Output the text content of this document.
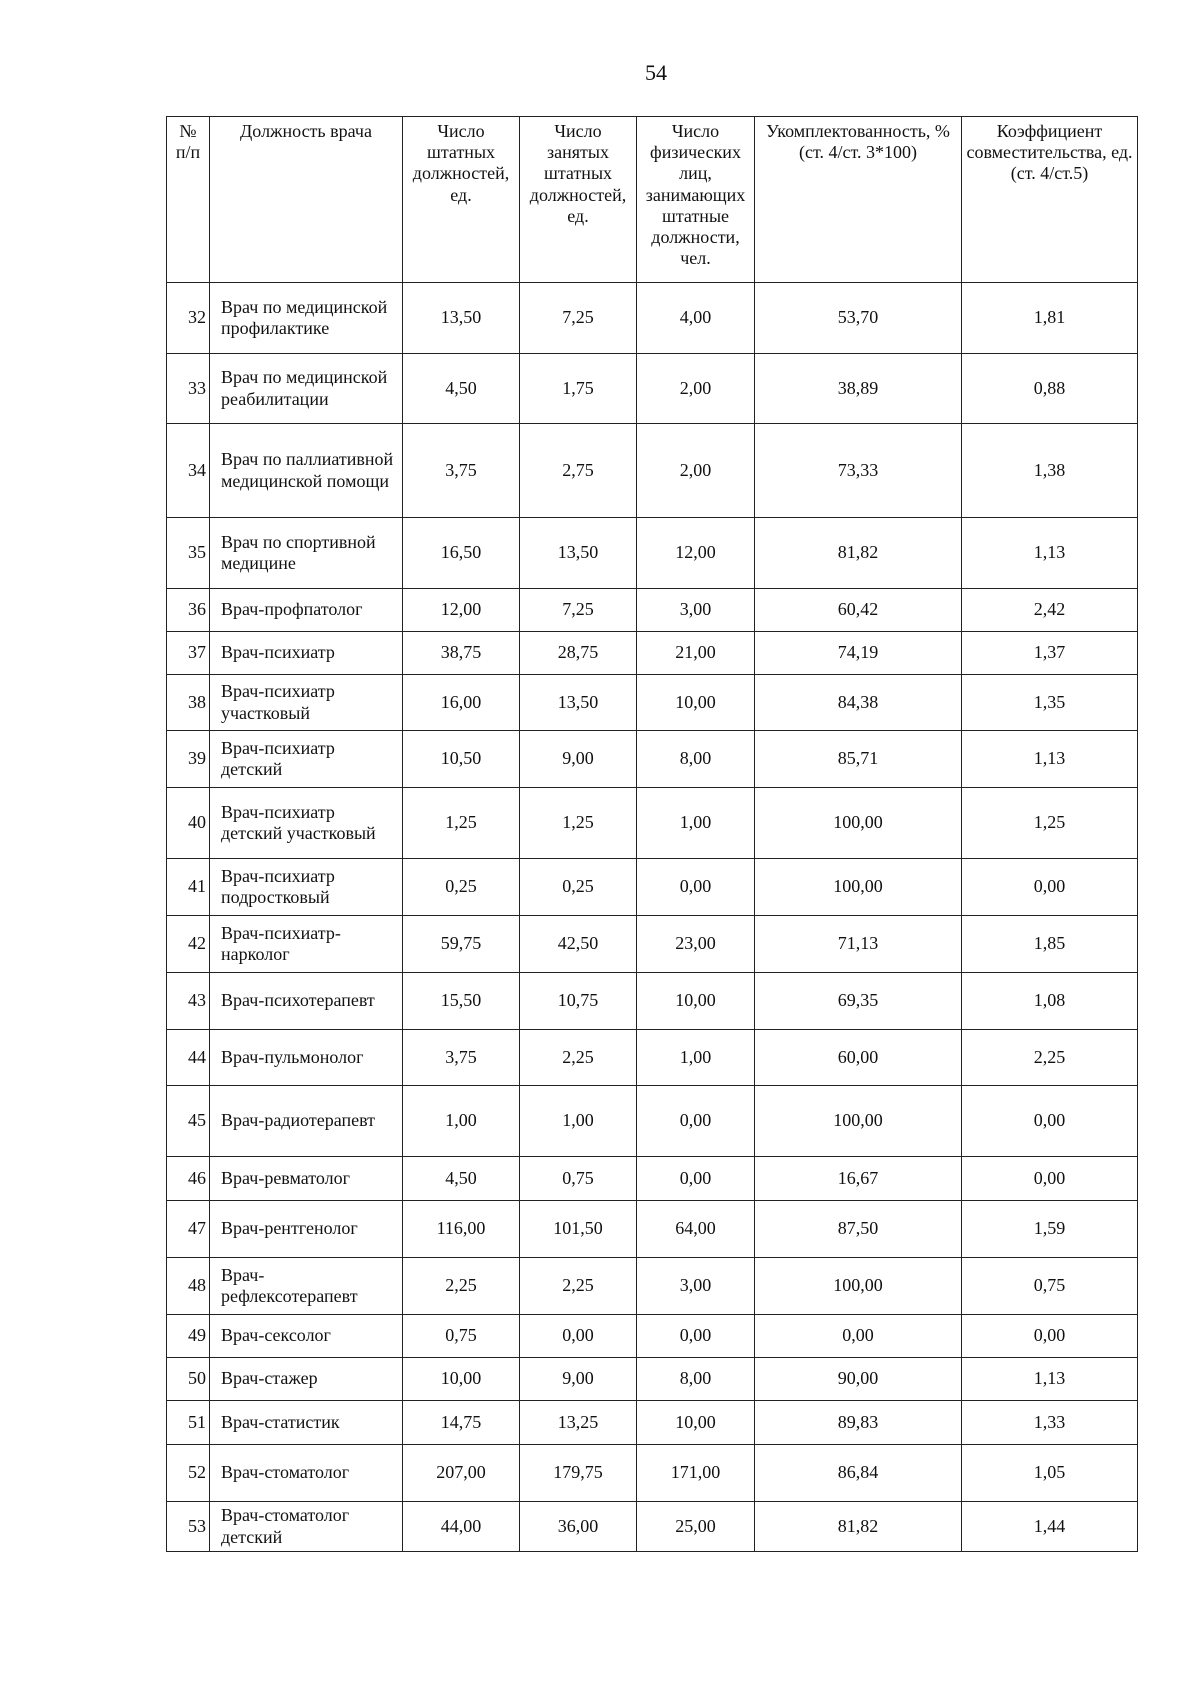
54
№ п/п	Должность врача	Число штатных должностей, ед.	Число занятых штатных должностей, ед.	Число физических лиц, занимающих штатные должности, чел.	Укомплектованность, % (ст. 4/ст. 3*100)	Коэффициент совместительства, ед. (ст. 4/ст.5)
32	Врач по медицинской профилактике	13,50	7,25	4,00	53,70	1,81
33	Врач по медицинской реабилитации	4,50	1,75	2,00	38,89	0,88
34	Врач по паллиативной медицинской помощи	3,75	2,75	2,00	73,33	1,38
35	Врач по спортивной медицине	16,50	13,50	12,00	81,82	1,13
36	Врач-профпатолог	12,00	7,25	3,00	60,42	2,42
37	Врач-психиатр	38,75	28,75	21,00	74,19	1,37
38	Врач-психиатр участковый	16,00	13,50	10,00	84,38	1,35
39	Врач-психиатр детский	10,50	9,00	8,00	85,71	1,13
40	Врач-психиатр детский участковый	1,25	1,25	1,00	100,00	1,25
41	Врач-психиатр подростковый	0,25	0,25	0,00	100,00	0,00
42	Врач-психиатр-нарколог	59,75	42,50	23,00	71,13	1,85
43	Врач-психотерапевт	15,50	10,75	10,00	69,35	1,08
44	Врач-пульмонолог	3,75	2,25	1,00	60,00	2,25
45	Врач-радиотерапевт	1,00	1,00	0,00	100,00	0,00
46	Врач-ревматолог	4,50	0,75	0,00	16,67	0,00
47	Врач-рентгенолог	116,00	101,50	64,00	87,50	1,59
48	Врач-рефлексотерапевт	2,25	2,25	3,00	100,00	0,75
49	Врач-сексолог	0,75	0,00	0,00	0,00	0,00
50	Врач-стажер	10,00	9,00	8,00	90,00	1,13
51	Врач-статистик	14,75	13,25	10,00	89,83	1,33
52	Врач-стоматолог	207,00	179,75	171,00	86,84	1,05
53	Врач-стоматолог детский	44,00	36,00	25,00	81,82	1,44
